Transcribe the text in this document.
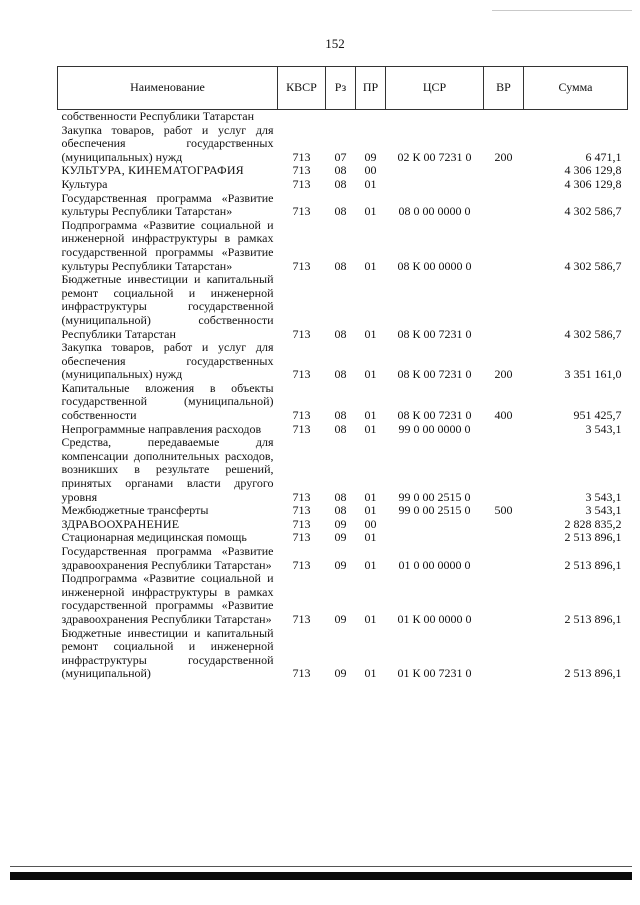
152
Наименование	КВСР	Рз	ПР	ЦСР	ВР	Сумма
собственности Республики Татарстан						
Закупка товаров, работ и услуг для обеспечения государственных (муниципальных) нужд	713	07	09	02 К 00 7231 0	200	6 471,1
КУЛЬТУРА, КИНЕМАТОГРАФИЯ	713	08	00			4 306 129,8
Культура	713	08	01			4 306 129,8
Государственная программа «Развитие культуры Республики Татарстан»	713	08	01	08 0 00 0000 0		4 302 586,7
Подпрограмма «Развитие социальной и инженерной инфраструктуры в рамках государственной программы «Развитие культуры Республики Татарстан»	713	08	01	08 К 00 0000 0		4 302 586,7
Бюджетные инвестиции и капитальный ремонт социальной и инженерной инфраструктуры государственной (муниципальной) собственности Республики Татарстан	713	08	01	08 К 00 7231 0		4 302 586,7
Закупка товаров, работ и услуг для обеспечения государственных (муниципальных) нужд	713	08	01	08 К 00 7231 0	200	3 351 161,0
Капитальные вложения в объекты государственной (муниципальной) собственности	713	08	01	08 К 00 7231 0	400	951 425,7
Непрограммные направления расходов	713	08	01	99 0 00 0000 0		3 543,1
Средства, передаваемые для компенсации дополнительных расходов, возникших в результате решений, принятых органами власти другого уровня	713	08	01	99 0 00 2515 0		3 543,1
Межбюджетные трансферты	713	08	01	99 0 00 2515 0	500	3 543,1
ЗДРАВООХРАНЕНИЕ	713	09	00			2 828 835,2
Стационарная медицинская помощь	713	09	01			2 513 896,1
Государственная программа «Развитие здравоохранения Республики Татарстан»	713	09	01	01 0 00 0000 0		2 513 896,1
Подпрограмма «Развитие социальной и инженерной инфраструктуры в рамках государственной программы «Развитие здравоохранения Республики Татарстан»	713	09	01	01 К 00 0000 0		2 513 896,1
Бюджетные инвестиции и капитальный ремонт социальной и инженерной инфраструктуры государственной (муниципальной)	713	09	01	01 К 00 7231 0		2 513 896,1
